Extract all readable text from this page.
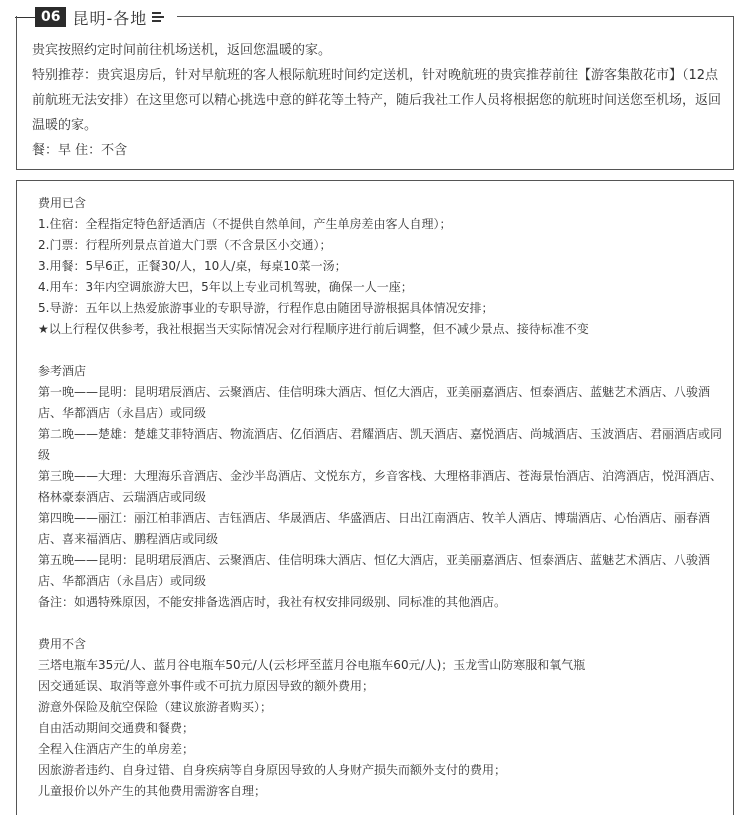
06 昆明-各地

贵宾按照约定时间前往机场送机，返回您温暖的家。

特别推荐：贵宾退房后，针对早航班的客人根际航班时间约定送机，针对晚航班的贵宾推荐前往【游客集散花市】（12点前航班无法安排）在这里您可以精心挑选中意的鲜花等土特产，随后我社工作人员将根据您的航班时间送您至机场，返回温暖的家。

餐：早 住：不含

费用已含

1.住宿：全程指定特色舒适酒店（不提供自然单间，产生单房差由客人自理）；

2.门票：行程所列景点首道大门票（不含景区小交通）；

3.用餐：5早6正，正餐30/人，10人/桌，每桌10菜一汤；

4.用车：3年内空调旅游大巴，5年以上专业司机驾驶，确保一人一座；

5.导游：五年以上热爱旅游事业的专职导游，行程作息由随团导游根据具体情况安排；

★以上行程仅供参考，我社根据当天实际情况会对行程顺序进行前后调整，但不减少景点、接待标准不变

参考酒店

第一晚——昆明：昆明珺辰酒店、云聚酒店、佳信明珠大酒店、恒亿大酒店，亚美丽嘉酒店、恒泰酒店、蓝魅艺术酒店、八骏酒店、华都酒店（永昌店）或同级

第二晚——楚雄：楚雄艾菲特酒店、物流酒店、亿佰酒店、君耀酒店、凯天酒店、嘉悦酒店、尚城酒店、玉波酒店、君丽酒店或同级

第三晚——大理：大理海乐音酒店、金沙半岛酒店、文悦东方，乡音客栈、大理格菲酒店、苍海景怡酒店、泊湾酒店，悦洱酒店、格林豪泰酒店、云瑞酒店或同级

第四晚——丽江：丽江柏菲酒店、吉钰酒店、华晟酒店、华盛酒店、日出江南酒店、牧羊人酒店、博瑞酒店、心怡酒店、丽春酒店、喜来福酒店、鹏程酒店或同级

第五晚——昆明：昆明珺辰酒店、云聚酒店、佳信明珠大酒店、恒亿大酒店，亚美丽嘉酒店、恒泰酒店、蓝魅艺术酒店、八骏酒店、华都酒店（永昌店）或同级

备注：如遇特殊原因，不能安排备选酒店时，我社有权安排同级别、同标准的其他酒店。

费用不含

三塔电瓶车35元/人、蓝月谷电瓶车50元/人(云杉坪至蓝月谷电瓶车60元/人)；玉龙雪山防寒服和氧气瓶

因交通延误、取消等意外事件或不可抗力原因导致的额外费用；

游意外保险及航空保险（建议旅游者购买）；

自由活动期间交通费和餐费；

全程入住酒店产生的单房差；

因旅游者违约、自身过错、自身疾病等自身原因导致的人身财产损失而额外支付的费用；

儿童报价以外产生的其他费用需游客自理；
